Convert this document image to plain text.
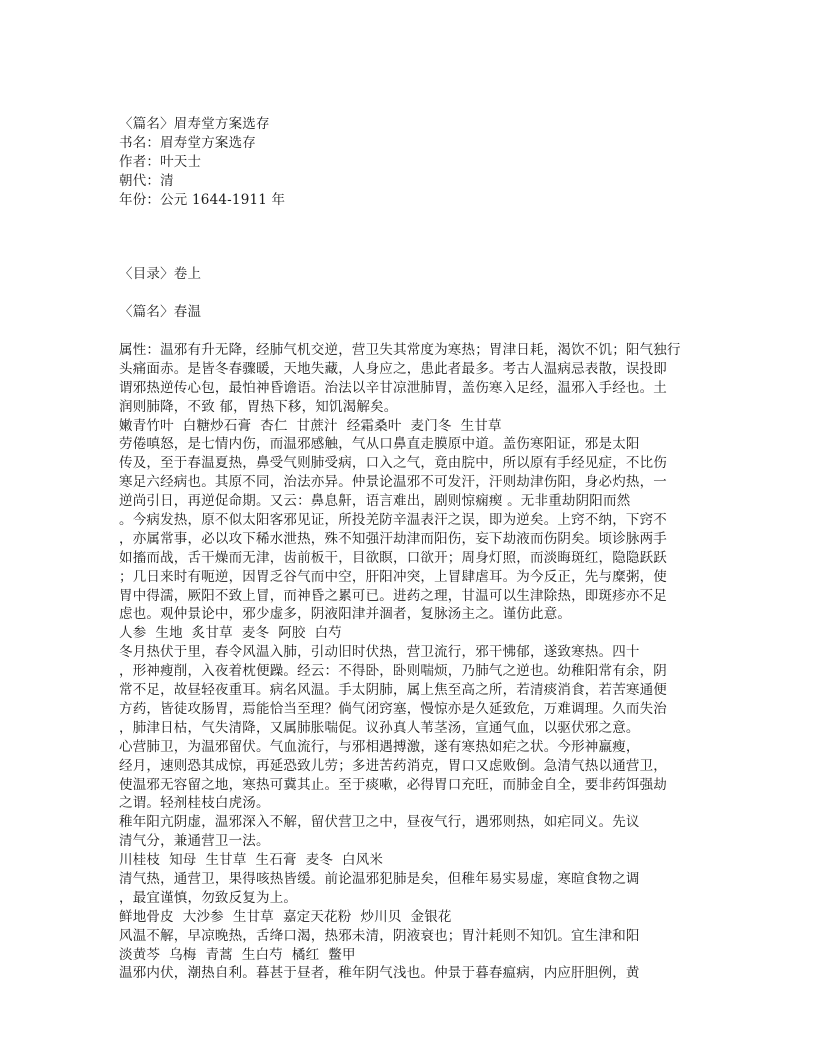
〈篇名〉眉寿堂方案选存
书名：眉寿堂方案选存
作者：叶天士
朝代：清
年份：公元 1644-1911 年
〈目录〉卷上
〈篇名〉春温
属性：温邪有升无降，经肺气机交逆，营卫失其常度为寒热；胃津日耗，渴饮不饥；阳气独行
头痛面赤。是皆冬春骤暖，天地失藏，人身应之，患此者最多。考古人温病忌表散，误投即
谓邪热逆传心包，最怕神昏谵语。治法以辛甘凉泄肺胃，盖伤寒入足经，温邪入手经也。土
润则肺降，不致 郁，胃热下移，知饥渴解矣。
嫩青竹叶  白糖炒石膏  杏仁  甘蔗汁  经霜桑叶  麦门冬  生甘草
劳倦嗔怒，是七情内伤，而温邪感触，气从口鼻直走膜原中道。盖伤寒阳证，邪是太阳
传及，至于春温夏热，鼻受气则肺受病，口入之气，竟由脘中，所以原有手经见症，不比伤
寒足六经病也。其原不同，治法亦异。仲景论温邪不可发汗，汗则劫津伤阳，身必灼热，一
逆尚引日，再逆促命期。又云：鼻息鼾，语言难出，剧则惊痫瘈 。无非重劫阴阳而然
。今病发热，原不似太阳客邪见证，所投羌防辛温表汗之误，即为逆矣。上窍不纳，下窍不
，亦属常事，必以攻下稀水泄热，殊不知强汗劫津而阳伤，妄下劫液而伤阴矣。顷诊脉两手
如搐而战，舌干燥而无津，齿前板干，目欲瞑，口欲开；周身灯照，而淡晦斑红，隐隐跃跃
；几日来时有呃逆，因胃乏谷气而中空，肝阳冲突，上冒肆虐耳。为今反正，先与糜粥，使
胃中得濡，厥阳不致上冒，而神昏之累可已。进药之理，甘温可以生津除热，即斑疹亦不足
虑也。观仲景论中，邪少虚多，阴液阳津并涸者，复脉汤主之。谨仿此意。
人参  生地  炙甘草  麦冬  阿胶  白芍
冬月热伏于里，春令风温入肺，引动旧时伏热，营卫流行，邪干怫郁，遂致寒热。四十
，形神瘦削，入夜着枕便躁。经云：不得卧，卧则喘烦，乃肺气之逆也。幼稚阳常有余，阴
常不足，故昼轻夜重耳。病名风温。手太阴肺，属上焦至高之所，若清痰消食，若苦寒通便
方药，皆徒攻肠胃，焉能恰当至理？倘气闭窍塞，慢惊亦是久延致危，万难调理。久而失治
，肺津日枯，气失清降，又属肺胀喘促。议孙真人苇茎汤，宣通气血，以驱伏邪之意。
心营肺卫，为温邪留伏。气血流行，与邪相遇搏激，遂有寒热如疟之状。今形神羸瘦，
经月，速则恐其成惊，再延恐致儿劳；多进苦药消克，胃口又虑败倒。急清气热以通营卫，
使温邪无容留之地，寒热可冀其止。至于痰嗽，必得胃口充旺，而肺金自全，要非药饵强劫
之谓。轻剂桂枝白虎汤。
稚年阳亢阴虚，温邪深入不解，留伏营卫之中，昼夜气行，遇邪则热，如疟同义。先议
清气分，兼通营卫一法。
川桂枝  知母  生甘草  生石膏  麦冬  白风米
清气热，通营卫，果得咳热皆缓。前论温邪犯肺是矣，但稚年易实易虚，寒暄食物之调
，最宜谨慎，勿致反复为上。
鲜地骨皮  大沙参  生甘草  嘉定天花粉  炒川贝  金银花
风温不解，早凉晚热，舌绛口渴，热邪未清，阴液衰也；胃汁耗则不知饥。宜生津和阳
淡黄芩  乌梅  青蒿  生白芍  橘红  鳖甲
温邪内伏，潮热自利。暮甚于昼者，稚年阴气浅也。仲景于暮春瘟病，内应肝胆例，黄
